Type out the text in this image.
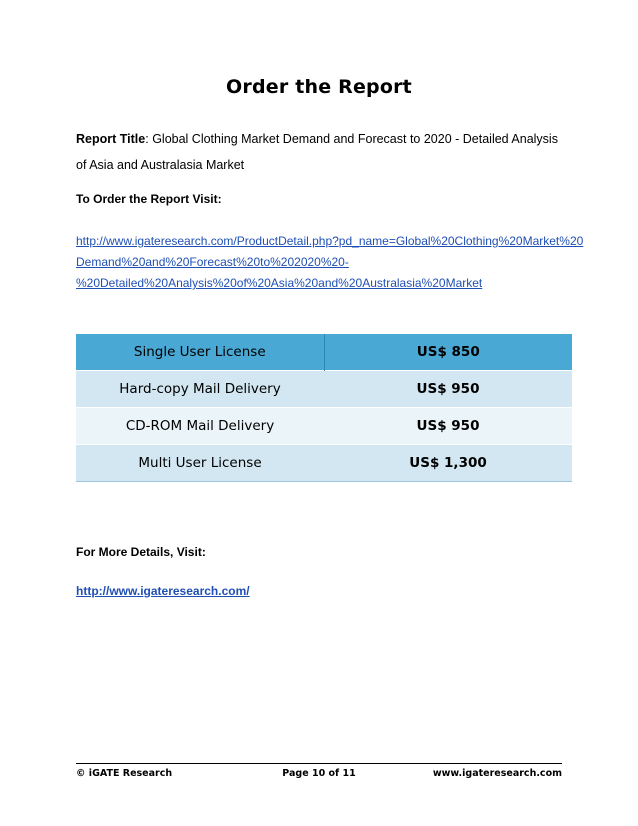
Order the Report
Report Title: Global Clothing Market Demand and Forecast to 2020 - Detailed Analysis of Asia and Australasia Market
To Order the Report Visit:
http://www.igateresearch.com/ProductDetail.php?pd_name=Global%20Clothing%20Market%20
Demand%20and%20Forecast%20to%202020%20-
%20Detailed%20Analysis%20of%20Asia%20and%20Australasia%20Market
Single User License	US$ 850
Hard-copy Mail Delivery	US$ 950
CD-ROM Mail Delivery	US$ 950
Multi User License	US$ 1,300
For More Details, Visit:
http://www.igateresearch.com/
© iGATE Research	Page 10 of 11	www.igateresearch.com
